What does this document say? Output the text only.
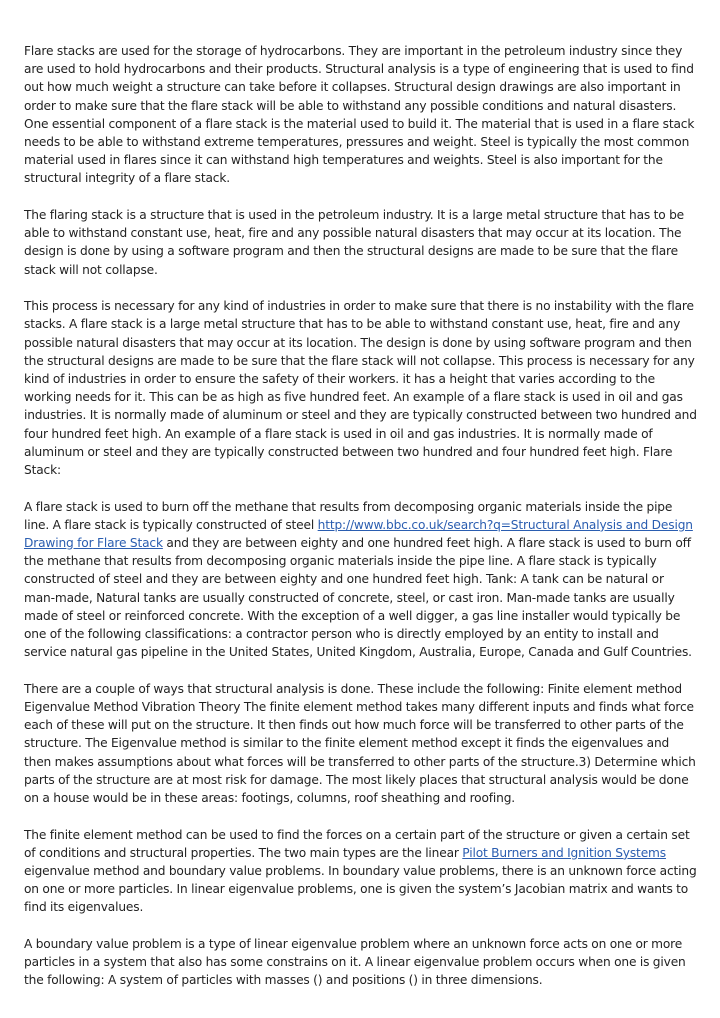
Flare stacks are used for the storage of hydrocarbons. They are important in the petroleum industry since they are used to hold hydrocarbons and their products. Structural analysis is a type of engineering that is used to find out how much weight a structure can take before it collapses. Structural design drawings are also important in order to make sure that the flare stack will be able to withstand any possible conditions and natural disasters. One essential component of a flare stack is the material used to build it. The material that is used in a flare stack needs to be able to withstand extreme temperatures, pressures and weight. Steel is typically the most common material used in flares since it can withstand high temperatures and weights. Steel is also important for the structural integrity of a flare stack.

The flaring stack is a structure that is used in the petroleum industry. It is a large metal structure that has to be able to withstand constant use, heat, fire and any possible natural disasters that may occur at its location. The design is done by using a software program and then the structural designs are made to be sure that the flare stack will not collapse.

This process is necessary for any kind of industries in order to make sure that there is no instability with the flare stacks. A flare stack is a large metal structure that has to be able to withstand constant use, heat, fire and any possible natural disasters that may occur at its location. The design is done by using software program and then the structural designs are made to be sure that the flare stack will not collapse. This process is necessary for any kind of industries in order to ensure the safety of their workers. it has a height that varies according to the working needs for it. This can be as high as five hundred feet. An example of a flare stack is used in oil and gas industries. It is normally made of aluminum or steel and they are typically constructed between two hundred and four hundred feet high. An example of a flare stack is used in oil and gas industries. It is normally made of aluminum or steel and they are typically constructed between two hundred and four hundred feet high. Flare Stack:

A flare stack is used to burn off the methane that results from decomposing organic materials inside the pipe line. A flare stack is typically constructed of steel http://www.bbc.co.uk/search?q=Structural Analysis and Design Drawing for Flare Stack and they are between eighty and one hundred feet high. A flare stack is used to burn off the methane that results from decomposing organic materials inside the pipe line. A flare stack is typically constructed of steel and they are between eighty and one hundred feet high. Tank: A tank can be natural or man-made, Natural tanks are usually constructed of concrete, steel, or cast iron. Man-made tanks are usually made of steel or reinforced concrete. With the exception of a well digger, a gas line installer would typically be one of the following classifications: a contractor person who is directly employed by an entity to install and service natural gas pipeline in the United States, United Kingdom, Australia, Europe, Canada and Gulf Countries.

There are a couple of ways that structural analysis is done. These include the following: Finite element method Eigenvalue Method Vibration Theory The finite element method takes many different inputs and finds what force each of these will put on the structure. It then finds out how much force will be transferred to other parts of the structure. The Eigenvalue method is similar to the finite element method except it finds the eigenvalues and then makes assumptions about what forces will be transferred to other parts of the structure.3) Determine which parts of the structure are at most risk for damage. The most likely places that structural analysis would be done on a house would be in these areas: footings, columns, roof sheathing and roofing.

The finite element method can be used to find the forces on a certain part of the structure or given a certain set of conditions and structural properties. The two main types are the linear Pilot Burners and Ignition Systems eigenvalue method and boundary value problems. In boundary value problems, there is an unknown force acting on one or more particles. In linear eigenvalue problems, one is given the system’s Jacobian matrix and wants to find its eigenvalues.

A boundary value problem is a type of linear eigenvalue problem where an unknown force acts on one or more particles in a system that also has some constrains on it. A linear eigenvalue problem occurs when one is given the following: A system of particles with masses () and positions () in three dimensions.
